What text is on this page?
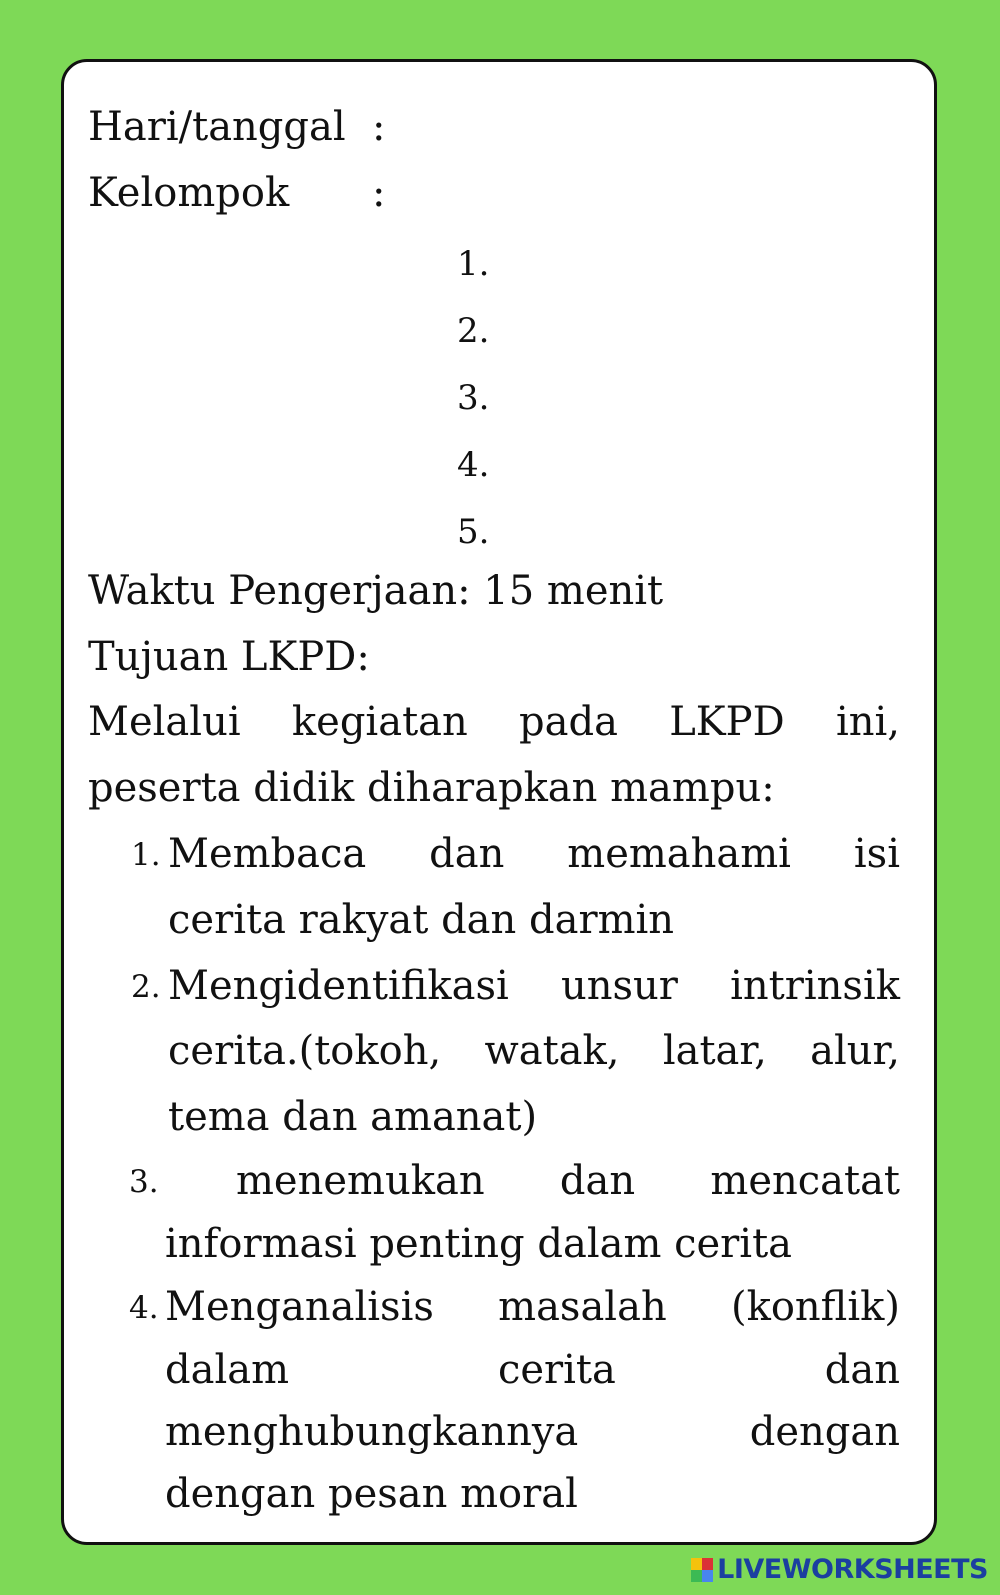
Hari/tanggal :
Kelompok :
1.
2.
3.
4.
5.
Waktu Pengerjaan: 15 menit
Tujuan LKPD:
Melalui kegiatan pada LKPD ini,
peserta didik diharapkan mampu:
1. Membaca dan memahami isi
cerita rakyat dan darmin
2. Mengidentifikasi unsur intrinsik
cerita.(tokoh, watak, latar, alur,
tema dan amanat)
3. menemukan dan mencatat
informasi penting dalam cerita
4. Menganalisis masalah (konflik)
dalam	cerita	dan
menghubungkannya	dengan
dengan pesan moral
LIVEWORKSHEETS
